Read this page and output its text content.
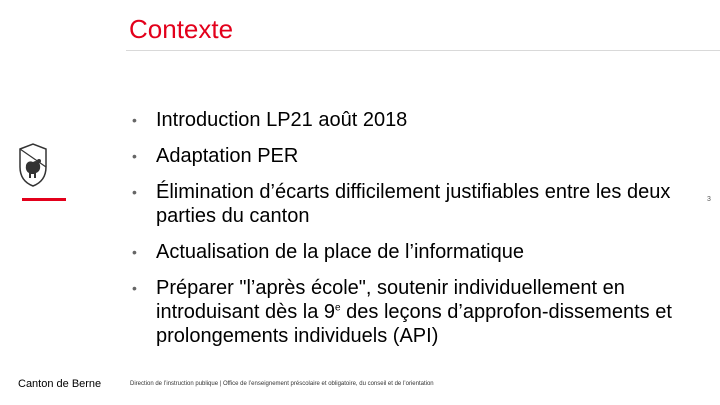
Contexte
3
• Introduction LP21 août 2018
• Adaptation PER
• Élimination d’écarts difficilement justifiables entre les deux parties du canton
• Actualisation de la place de l’informatique
• Préparer "l’après école", soutenir individuellement en introduisant dès la 9e des leçons d’approfon-dissements et prolongements individuels (API)
Canton de Berne	Direction de l’instruction publique | Office de l’enseignement préscolaire et obligatoire, du conseil et de l’orientation
